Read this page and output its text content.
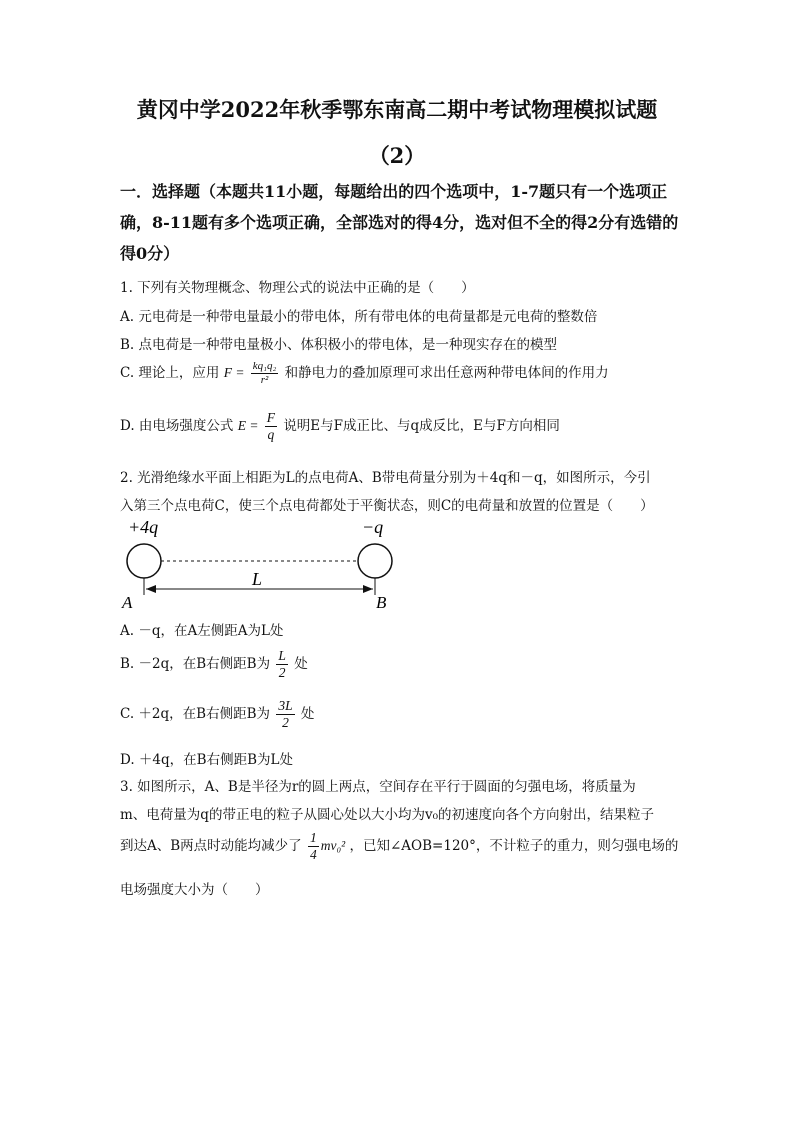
黄冈中学2022年秋季鄂东南高二期中考试物理模拟试题
（2）
一．选择题（本题共11小题，每题给出的四个选项中，1-7题只有一个选项正确，8-11题有多个选项正确，全部选对的得4分，选对但不全的得2分有选错的得0分）
1. 下列有关物理概念、物理公式的说法中正确的是（　　）
A. 元电荷是一种带电量最小的带电体，所有带电体的电荷量都是元电荷的整数倍
B. 点电荷是一种带电量极小、体积极小的带电体，是一种现实存在的模型
C. 理论上，应用 $F = \frac{\text{kq₁q₂}}{\text{r²}}$ 和静电力的叠加原理可求出任意两种带电体间的作用力
D. 由电场强度公式 $E = \frac{F}{q}$ 说明E与F成正比、与q成反比，E与F方向相同
2. 光滑绝缘水平面上相距为L的点电荷A、B带电荷量分别为＋4q和－q，如图所示，今引
入第三个点电荷C，使三个点电荷都处于平衡状态，则C的电荷量和放置的位置是（　　）
+4q	−q
L
A	B
A. －q，在A左侧距A为L处
B. －2q，在B右侧距B为 $\frac{L}{2}$ 处
C. ＋2q，在B右侧距B为 $\frac{3L}{2}$ 处
D. ＋4q，在B右侧距B为L处
3. 如图所示，A、B是半径为r的圆上两点，空间存在平行于圆面的匀强电场，将质量为
m、电荷量为q的带正电的粒子从圆心处以大小均为v₀的初速度向各个方向射出，结果粒子
到达A、B两点时动能均减少了 $\frac{1}{4} mv_0^2$ ，已知∠AOB=120°，不计粒子的重力，则匀强电场的
电场强度大小为（　　）
